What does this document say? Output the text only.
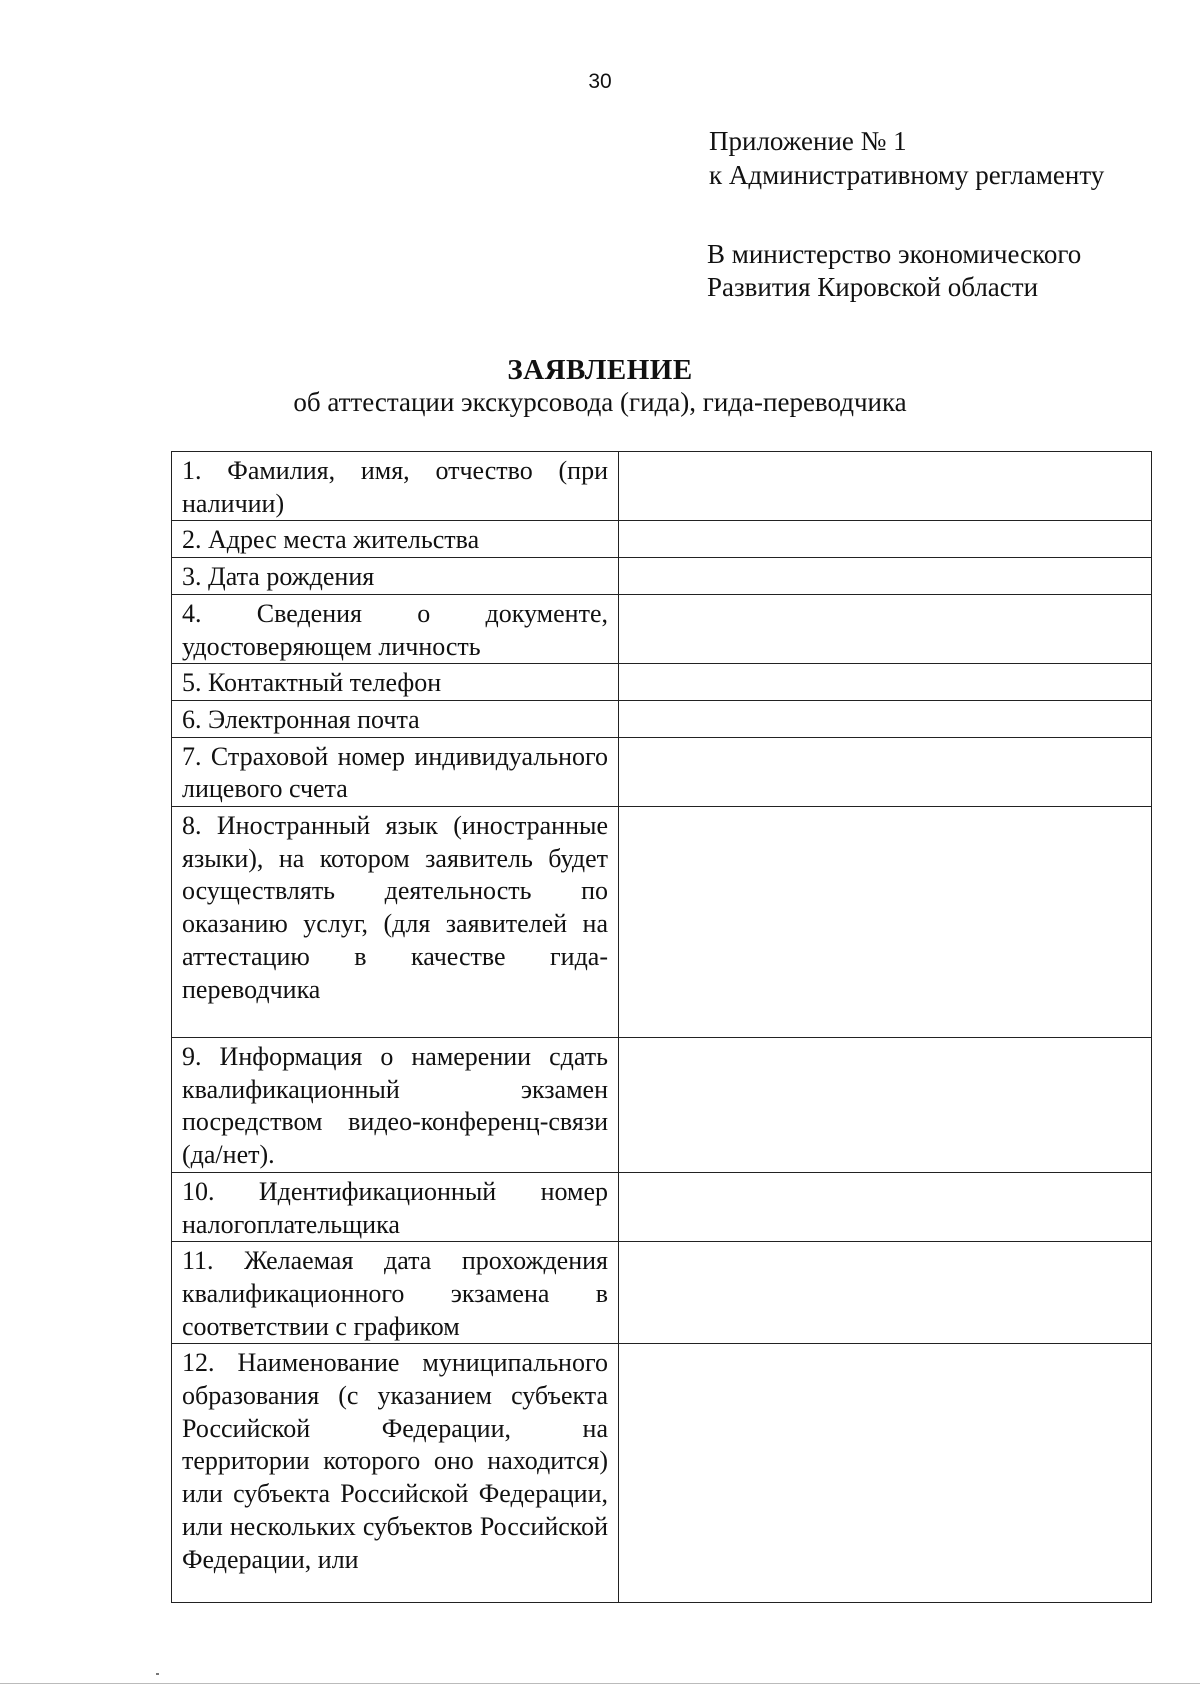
30
Приложение № 1
к Административному регламенту
В министерство экономического
Развития Кировской области
ЗАЯВЛЕНИЕ
об аттестации экскурсовода (гида), гида-переводчика
1. Фамилия, имя, отчество (при наличии)	
2. Адрес места жительства	
3. Дата рождения	
4. Сведения о документе, удостоверяющем личность	
5. Контактный телефон	
6. Электронная почта	
7. Страховой номер индивидуального лицевого счета	
8. Иностранный язык (иностранные языки), на котором заявитель будет осуществлять деятельность по оказанию услуг, (для заявителей на аттестацию в качестве гида-переводчика	
9. Информация о намерении сдать квалификационный экзамен посредством видео-конференц-связи (да/нет).	
10. Идентификационный номер налогоплательщика	
11. Желаемая дата прохождения квалификационного экзамена в соответствии с графиком	
12. Наименование муниципального образования (с указанием субъекта Российской Федерации, на территории которого оно находится) или субъекта Российской Федерации, или нескольких субъектов Российской Федерации, или	
